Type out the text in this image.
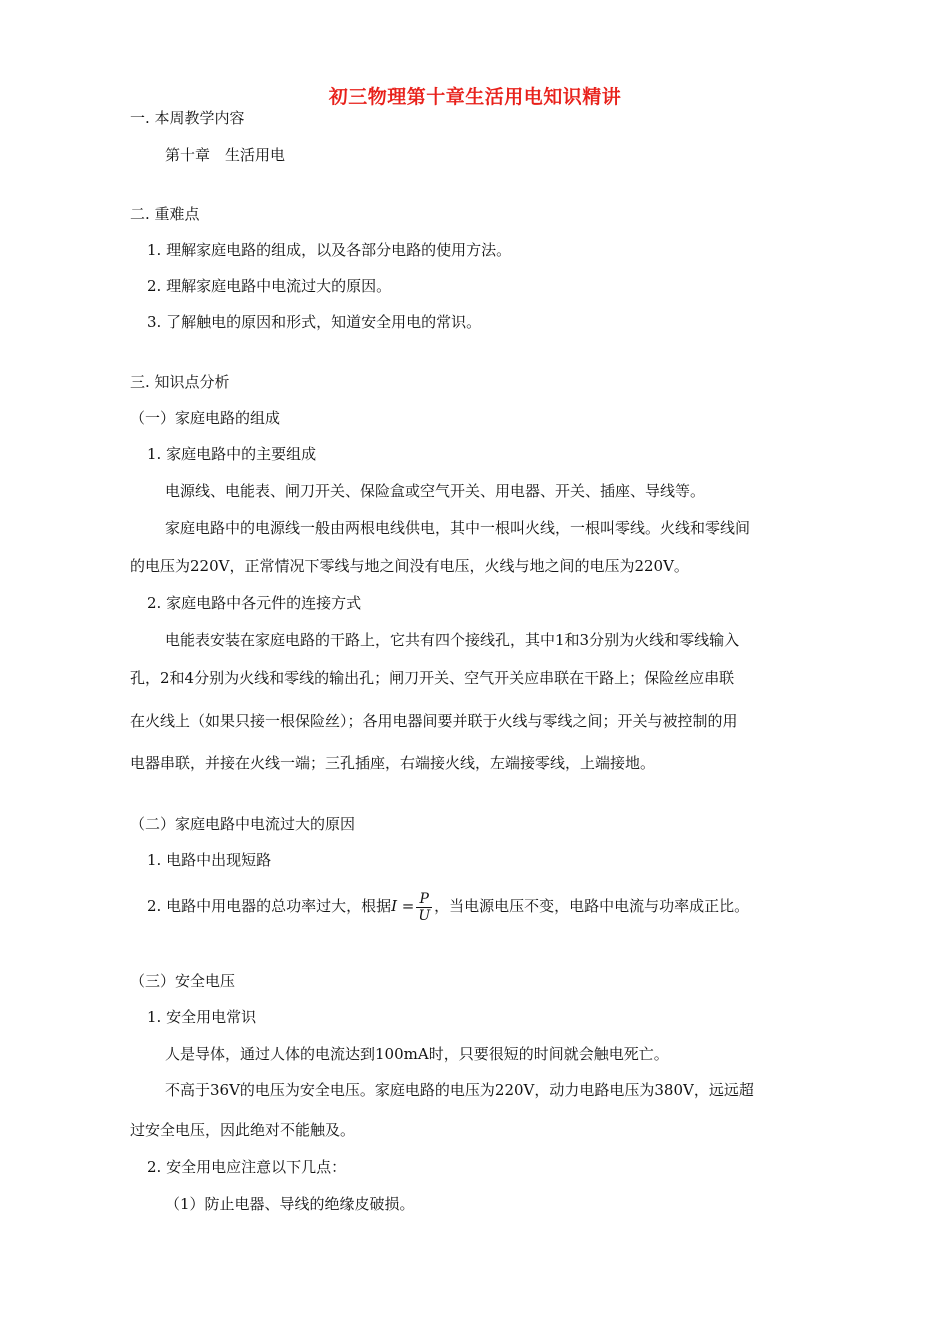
初三物理第十章生活用电知识精讲
一. 本周教学内容
第十章　生活用电
二. 重难点
1. 理解家庭电路的组成，以及各部分电路的使用方法。
2. 理解家庭电路中电流过大的原因。
3. 了解触电的原因和形式，知道安全用电的常识。
三. 知识点分析
（一）家庭电路的组成
1. 家庭电路中的主要组成
电源线、电能表、闸刀开关、保险盒或空气开关、用电器、开关、插座、导线等。
家庭电路中的电源线一般由两根电线供电，其中一根叫火线，一根叫零线。火线和零线间
的电压为220V，正常情况下零线与地之间没有电压，火线与地之间的电压为220V。
2. 家庭电路中各元件的连接方式
电能表安装在家庭电路的干路上，它共有四个接线孔，其中1和3分别为火线和零线输入
孔，2和4分别为火线和零线的输出孔；闸刀开关、空气开关应串联在干路上；保险丝应串联
在火线上（如果只接一根保险丝）；各用电器间要并联于火线与零线之间；开关与被控制的用
电器串联，并接在火线一端；三孔插座，右端接火线，左端接零线，上端接地。
（二）家庭电路中电流过大的原因
1. 电路中出现短路
2. 电路中用电器的总功率过大，根据$I = \frac{P}{U}$ ，当电源电压不变，电路中电流与功率成正比。
（三）安全电压
1. 安全用电常识
人是导体，通过人体的电流达到100mA时，只要很短的时间就会触电死亡。
不高于36V的电压为安全电压。家庭电路的电压为220V，动力电路电压为380V，远远超
过安全电压，因此绝对不能触及。
2. 安全用电应注意以下几点：
（1）防止电器、导线的绝缘皮破损。
